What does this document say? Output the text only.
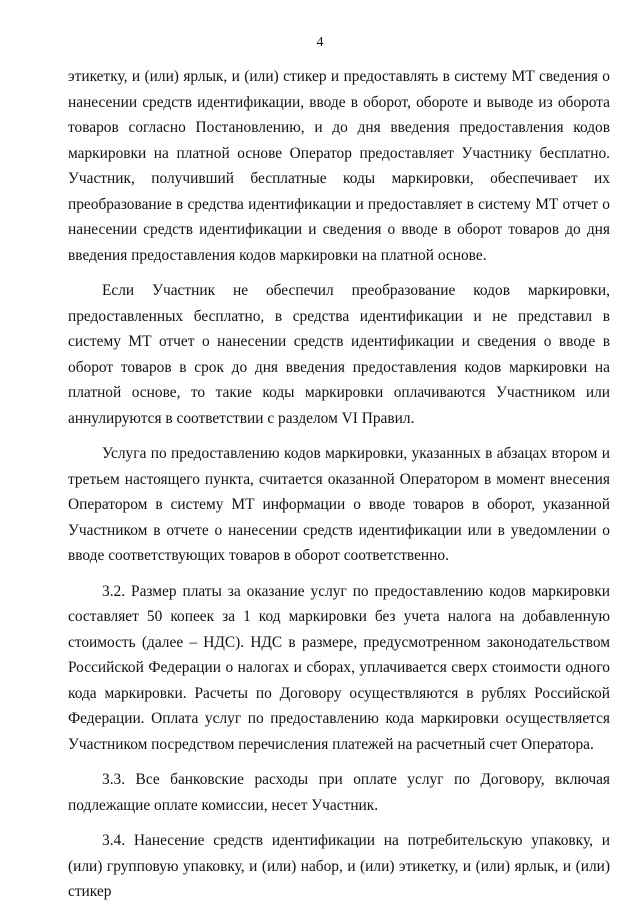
4

этикетку, и (или) ярлык, и (или) стикер и предоставлять в систему МТ сведения о нанесении средств идентификации, вводе в оборот, обороте и выводе из оборота товаров согласно Постановлению, и до дня введения предоставления кодов маркировки на платной основе Оператор предоставляет Участнику бесплатно. Участник, получивший бесплатные коды маркировки, обеспечивает их преобразование в средства идентификации и предоставляет в систему МТ отчет о нанесении средств идентификации и сведения о вводе в оборот товаров до дня введения предоставления кодов маркировки на платной основе.

Если Участник не обеспечил преобразование кодов маркировки, предоставленных бесплатно, в средства идентификации и не представил в систему МТ отчет о нанесении средств идентификации и сведения о вводе в оборот товаров в срок до дня введения предоставления кодов маркировки на платной основе, то такие коды маркировки оплачиваются Участником или аннулируются в соответствии с разделом VI Правил.

Услуга по предоставлению кодов маркировки, указанных в абзацах втором и третьем настоящего пункта, считается оказанной Оператором в момент внесения Оператором в систему МТ информации о вводе товаров в оборот, указанной Участником в отчете о нанесении средств идентификации или в уведомлении о вводе соответствующих товаров в оборот соответственно.

3.2. Размер платы за оказание услуг по предоставлению кодов маркировки составляет 50 копеек за 1 код маркировки без учета налога на добавленную стоимость (далее – НДС). НДС в размере, предусмотренном законодательством Российской Федерации о налогах и сборах, уплачивается сверх стоимости одного кода маркировки. Расчеты по Договору осуществляются в рублях Российской Федерации. Оплата услуг по предоставлению кода маркировки осуществляется Участником посредством перечисления платежей на расчетный счет Оператора.

3.3. Все банковские расходы при оплате услуг по Договору, включая подлежащие оплате комиссии, несет Участник.

3.4. Нанесение средств идентификации на потребительскую упаковку, и (или) групповую упаковку, и (или) набор, и (или) этикетку, и (или) ярлык, и (или) стикер
